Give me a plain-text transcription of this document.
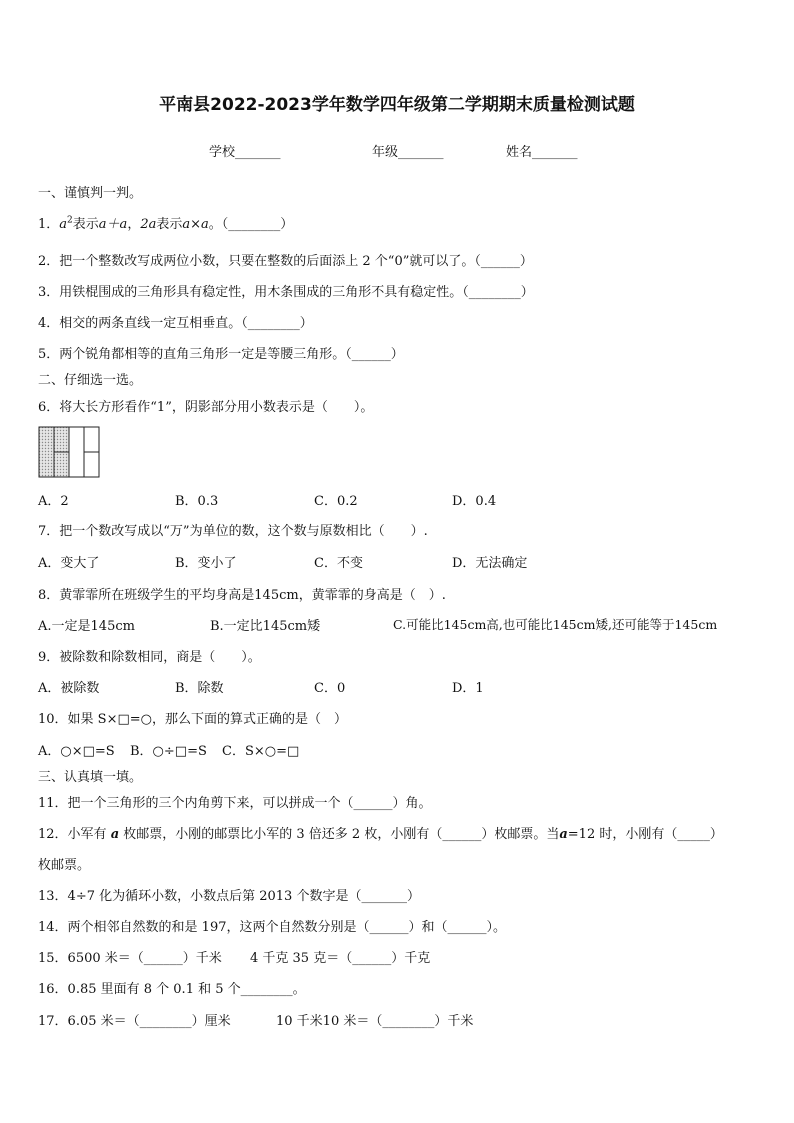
平南县2022-2023学年数学四年级第二学期期末质量检测试题
学校_______	年级_______	姓名_______
一、谨慎判一判。
1．$a^2$表示a＋a，2a表示a×a。（________）
2．把一个整数改写成两位小数，只要在整数的后面添上 2 个“0”就可以了。（______）
3．用铁棍围成的三角形具有稳定性，用木条围成的三角形不具有稳定性。（________）
4．相交的两条直线一定互相垂直。（________）
5．两个锐角都相等的直角三角形一定是等腰三角形。（______）
二、仔细选一选。
6．将大长方形看作“1”，阴影部分用小数表示是（　　）。
A．2	B．0.3	C．0.2	D．0.4
7．把一个数改写成以“万”为单位的数，这个数与原数相比（　　）.
A．变大了	B．变小了	C．不变	D．无法确定
8．黄霏霏所在班级学生的平均身高是145cm，黄霏霏的身高是（　）.
A.一定是145cm	B.一定比145cm矮	C.可能比145cm高,也可能比145cm矮,还可能等于145cm
9．被除数和除数相同，商是（　　）。
A．被除数	B．除数	C．0	D．1
10．如果 S×□=○，那么下面的算式正确的是（　）
A．○×□=S B．○÷□=S C．S×○=□
三、认真填一填。
11．把一个三角形的三个内角剪下来，可以拼成一个（______）角。
12．小军有 a 枚邮票，小刚的邮票比小军的 3 倍还多 2 枚，小刚有（______）枚邮票。当a=12 时，小刚有（_____）
枚邮票。
13．4÷7 化为循环小数，小数点后第 2013 个数字是（_______）
14．两个相邻自然数的和是 197，这两个自然数分别是（______）和（______）。
15．6500 米＝（______）千米 4 千克 35 克＝（______）千克
16．0.85 里面有 8 个 0.1 和 5 个________。
17．6.05 米＝（________）厘米	10 千米10 米＝（________）千米
